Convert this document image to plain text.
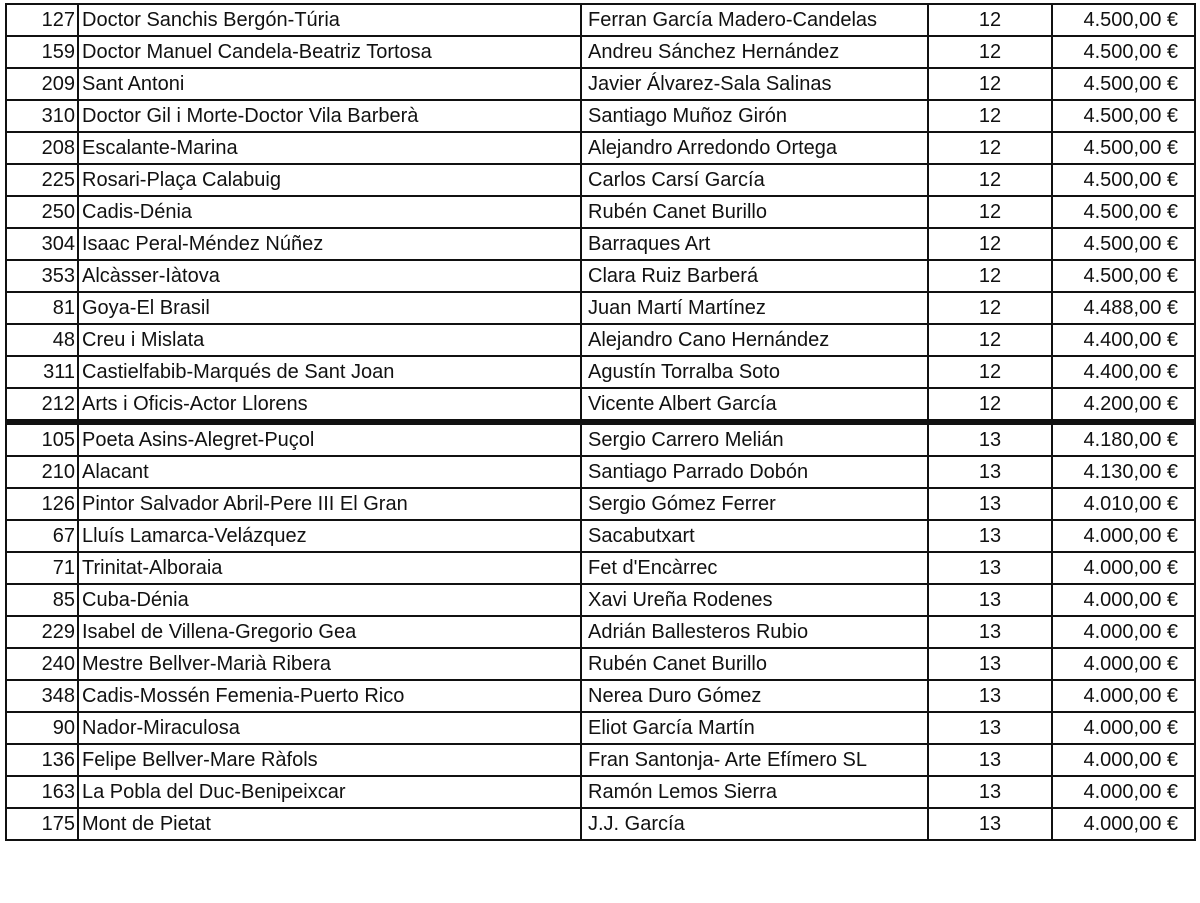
127	Doctor Sanchis Bergón-Túria	Ferran García Madero-Candelas	12	4.500,00 €
159	Doctor Manuel Candela-Beatriz Tortosa	Andreu Sánchez Hernández	12	4.500,00 €
209	Sant Antoni	Javier Álvarez-Sala Salinas	12	4.500,00 €
310	Doctor Gil i Morte-Doctor Vila Barberà	Santiago Muñoz Girón	12	4.500,00 €
208	Escalante-Marina	Alejandro Arredondo Ortega	12	4.500,00 €
225	Rosari-Plaça Calabuig	Carlos Carsí García	12	4.500,00 €
250	Cadis-Dénia	Rubén Canet Burillo	12	4.500,00 €
304	Isaac Peral-Méndez Núñez	Barraques Art	12	4.500,00 €
353	Alcàsser-Iàtova	Clara Ruiz Barberá	12	4.500,00 €
81	Goya-El Brasil	Juan Martí Martínez	12	4.488,00 €
48	Creu i Mislata	Alejandro Cano Hernández	12	4.400,00 €
311	Castielfabib-Marqués de Sant Joan	Agustín Torralba Soto	12	4.400,00 €
212	Arts i Oficis-Actor Llorens	Vicente Albert García	12	4.200,00 €
105	Poeta Asins-Alegret-Puçol	Sergio Carrero Melián	13	4.180,00 €
210	Alacant	Santiago Parrado Dobón	13	4.130,00 €
126	Pintor Salvador Abril-Pere III El Gran	Sergio Gómez Ferrer	13	4.010,00 €
67	Lluís Lamarca-Velázquez	Sacabutxart	13	4.000,00 €
71	Trinitat-Alboraia	Fet d'Encàrrec	13	4.000,00 €
85	Cuba-Dénia	Xavi Ureña Rodenes	13	4.000,00 €
229	Isabel de Villena-Gregorio Gea	Adrián Ballesteros Rubio	13	4.000,00 €
240	Mestre Bellver-Marià Ribera	Rubén Canet Burillo	13	4.000,00 €
348	Cadis-Mossén Femenia-Puerto Rico	Nerea Duro Gómez	13	4.000,00 €
90	Nador-Miraculosa	Eliot García Martín	13	4.000,00 €
136	Felipe Bellver-Mare Ràfols	Fran Santonja- Arte Efímero SL	13	4.000,00 €
163	La Pobla del Duc-Benipeixcar	Ramón Lemos Sierra	13	4.000,00 €
175	Mont de Pietat	J.J. García	13	4.000,00 €
